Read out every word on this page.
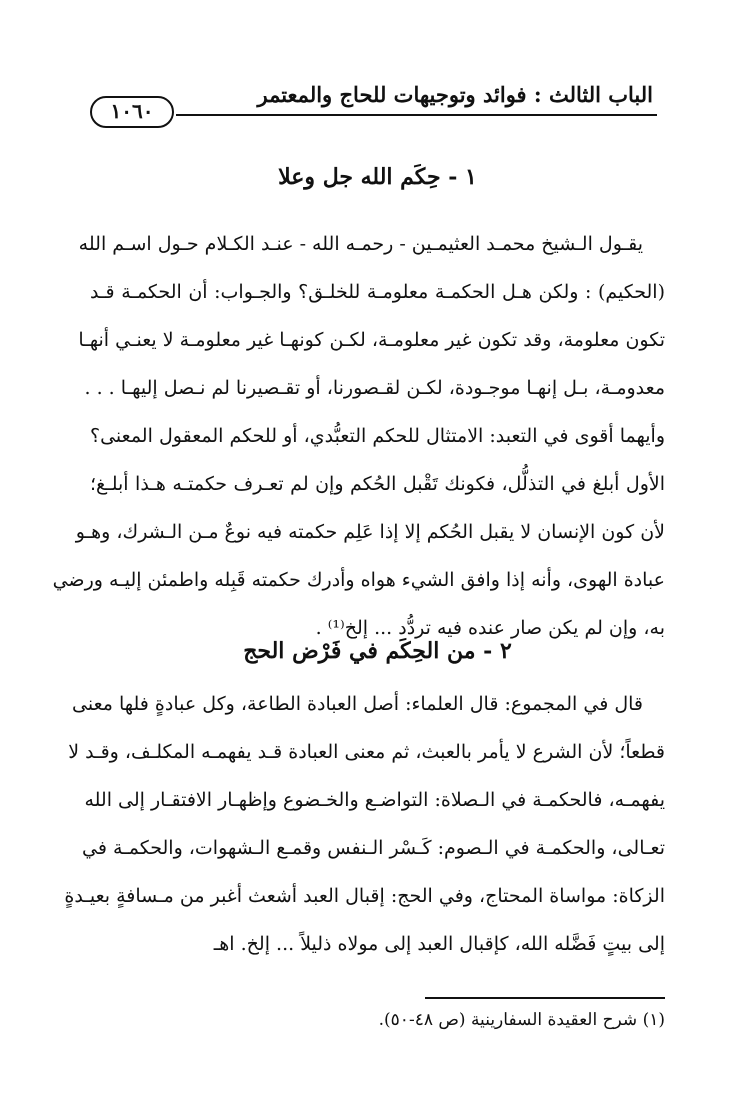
الباب الثالث : فوائد وتوجيهات للحاج والمعتمر
١٠٦٠
١ - حِكَم الله جل وعلا
يقـول الـشيخ محمـد العثيمـين - رحمـه الله - عنـد الكـلام حـول اسـم الله
(الحكيم) : ولكن هـل الحكمـة معلومـة للخلـق؟ والجـواب: أن الحكمـة قـد
تكون معلومة، وقد تكون غير معلومـة، لكـن كونهـا غير معلومـة لا يعنـي أنهـا
معدومـة، بـل إنهـا موجـودة، لكـن لقـصورنا، أو تقـصيرنا لم نـصل إليهـا . . .
وأيهما أقوى في التعبد: الامتثال للحكم التعبُّدي، أو للحكم المعقول المعنى؟
الأول أبلغ في التذلُّل، فكونك تَقْبل الحُكم وإن لم تعـرف حكمتـه هـذا أبلـغ؛
لأن كون الإنسان لا يقبل الحُكم إلا إذا عَلِم حكمته فيه نوعٌ مـن الـشرك، وهـو
عبادة الهوى، وأنه إذا وافق الشيء هواه وأدرك حكمته قَبِله واطمئن إليـه ورضي
به، وإن لم يكن صار عنده فيه تردُّد ... إلخ⁽¹⁾ .
٢ - من الحِكَم في فَرْض الحج
قال في المجموع: قال العلماء: أصل العبادة الطاعة، وكل عبادةٍ فلها معنى
قطعاً؛ لأن الشرع لا يأمر بالعبث، ثم معنى العبادة قـد يفهمـه المكلـف، وقـد لا
يفهمـه، فالحكمـة في الـصلاة: التواضـع والخـضوع وإظهـار الافتقـار إلى الله
تعـالى، والحكمـة في الـصوم: كَـسْر الـنفس وقمـع الـشهوات، والحكمـة في
الزكاة: مواساة المحتاج، وفي الحج: إقبال العبد أشعث أغبر من مـسافةٍ بعيـدةٍ
إلى بيتٍ فَضَّله الله، كإقبال العبد إلى مولاه ذليلاً ... إلخ. اهـ
(١) شرح العقيدة السفارينية (ص ٤٨-٥٠).
